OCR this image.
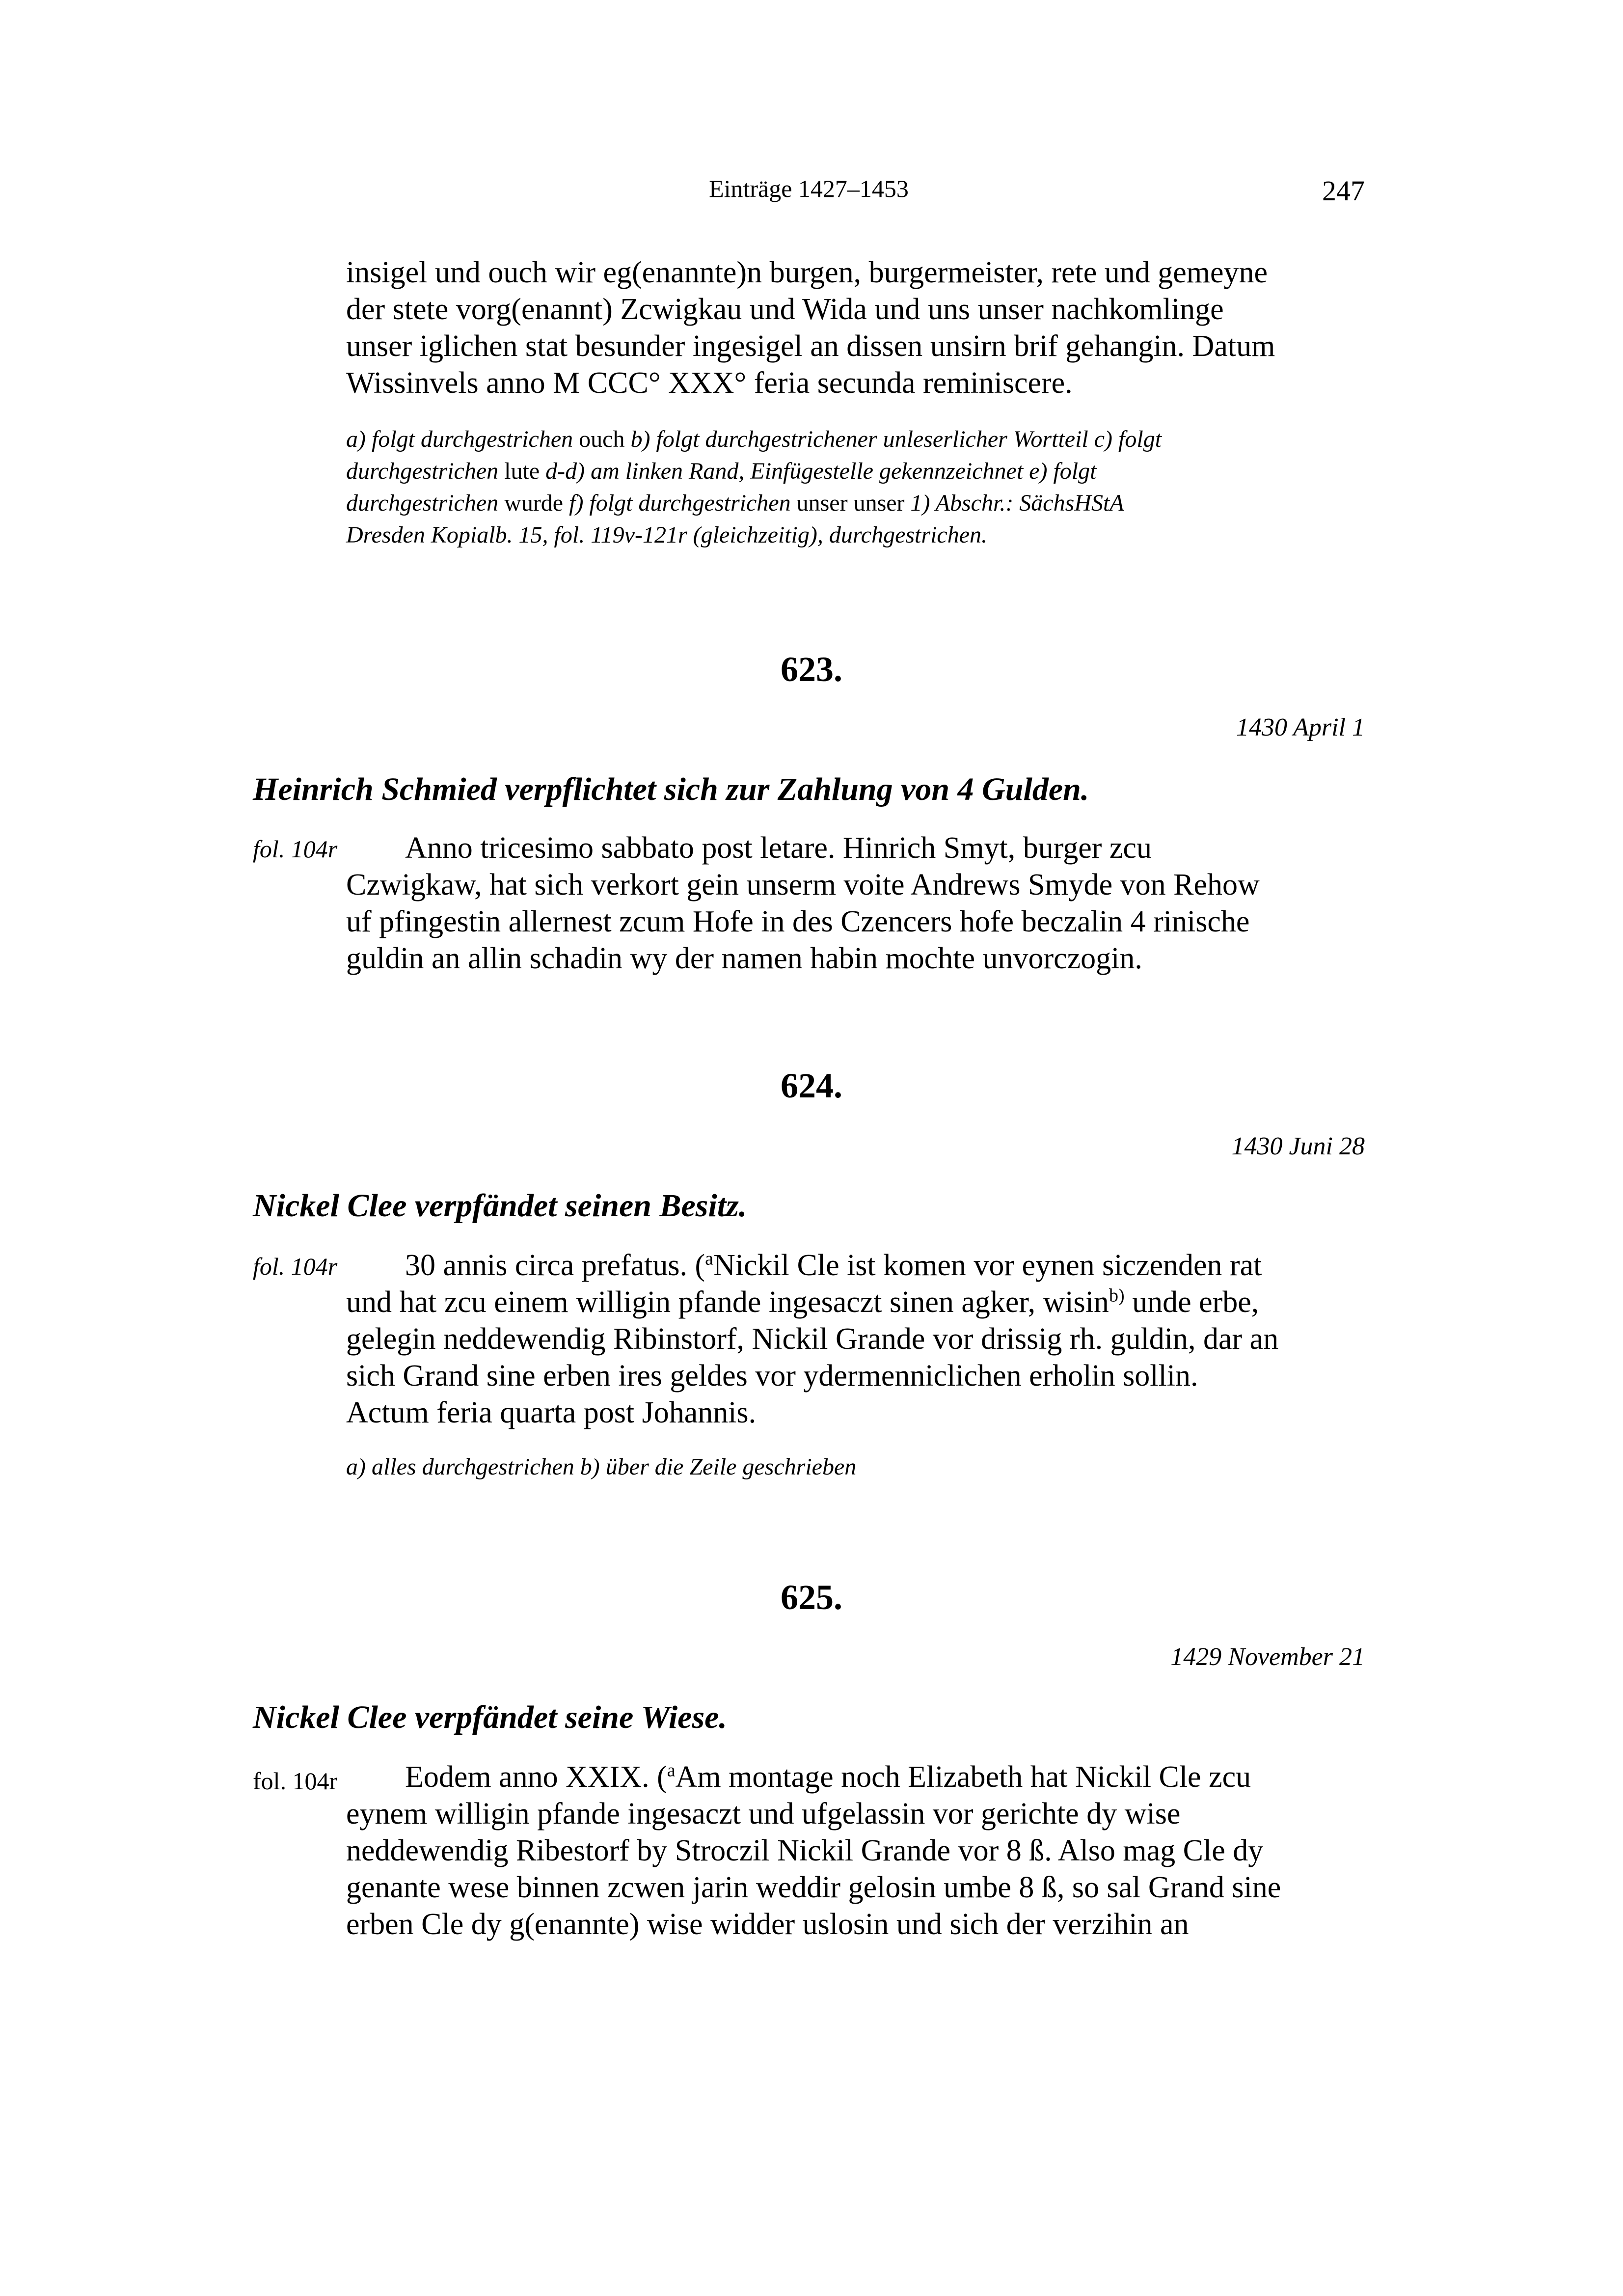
Einträge 1427–1453	247

insigel und ouch wir eg(enannte)n burgen, burgermeister, rete und gemeyne
der stete vorg(enannt) Zcwigkau und Wida und uns unser nachkomlinge
unser iglichen stat besunder ingesigel an dissen unsirn brif gehangin. Datum
Wissinvels anno M CCC° XXX° feria secunda reminiscere.

a) folgt durchgestrichen ouch b) folgt durchgestrichener unleserlicher Wortteil c) folgt
durchgestrichen lute d-d) am linken Rand, Einfügestelle gekennzeichnet e) folgt
durchgestrichen wurde f) folgt durchgestrichen unser unser 1) Abschr.: SächsHStA
Dresden Kopialb. 15, fol. 119v-121r (gleichzeitig), durchgestrichen.

623.

1430 April 1

Heinrich Schmied verpflichtet sich zur Zahlung von 4 Gulden.

fol. 104r	Anno tricesimo sabbato post letare. Hinrich Smyt, burger zcu
Czwigkaw, hat sich verkort gein unserm voite Andrews Smyde von Rehow
uf pfingestin allernest zcum Hofe in des Czencers hofe beczalin 4 rinische
guldin an allin schadin wy der namen habin mochte unvorczogin.

624.

1430 Juni 28

Nickel Clee verpfändet seinen Besitz.

fol. 104r	30 annis circa prefatus. ($^a$Nickil Cle ist komen vor eynen siczenden rat
und hat zcu einem willigin pfande ingesaczt sinen agker, wisin$^{b)}$ unde erbe,
gelegin neddewendig Ribinstorf, Nickil Grande vor drissig rh. guldin, dar an
sich Grand sine erben ires geldes vor ydermenniclichen erholin sollin.
Actum feria quarta post Johannis.

a) alles durchgestrichen b) über die Zeile geschrieben

625.

1429 November 21

Nickel Clee verpfändet seine Wiese.

fol. 104r	Eodem anno XXIX. ($^a$Am montage noch Elizabeth hat Nickil Cle zcu
eynem willigin pfande ingesaczt und ufgelassin vor gerichte dy wise
neddewendig Ribestorf by Stroczil Nickil Grande vor 8 ß. Also mag Cle dy
genante wese binnen zcwen jarin weddir gelosin umbe 8 ß, so sal Grand sine
erben Cle dy g(enannte) wise widder uslosin und sich der verzihin an
